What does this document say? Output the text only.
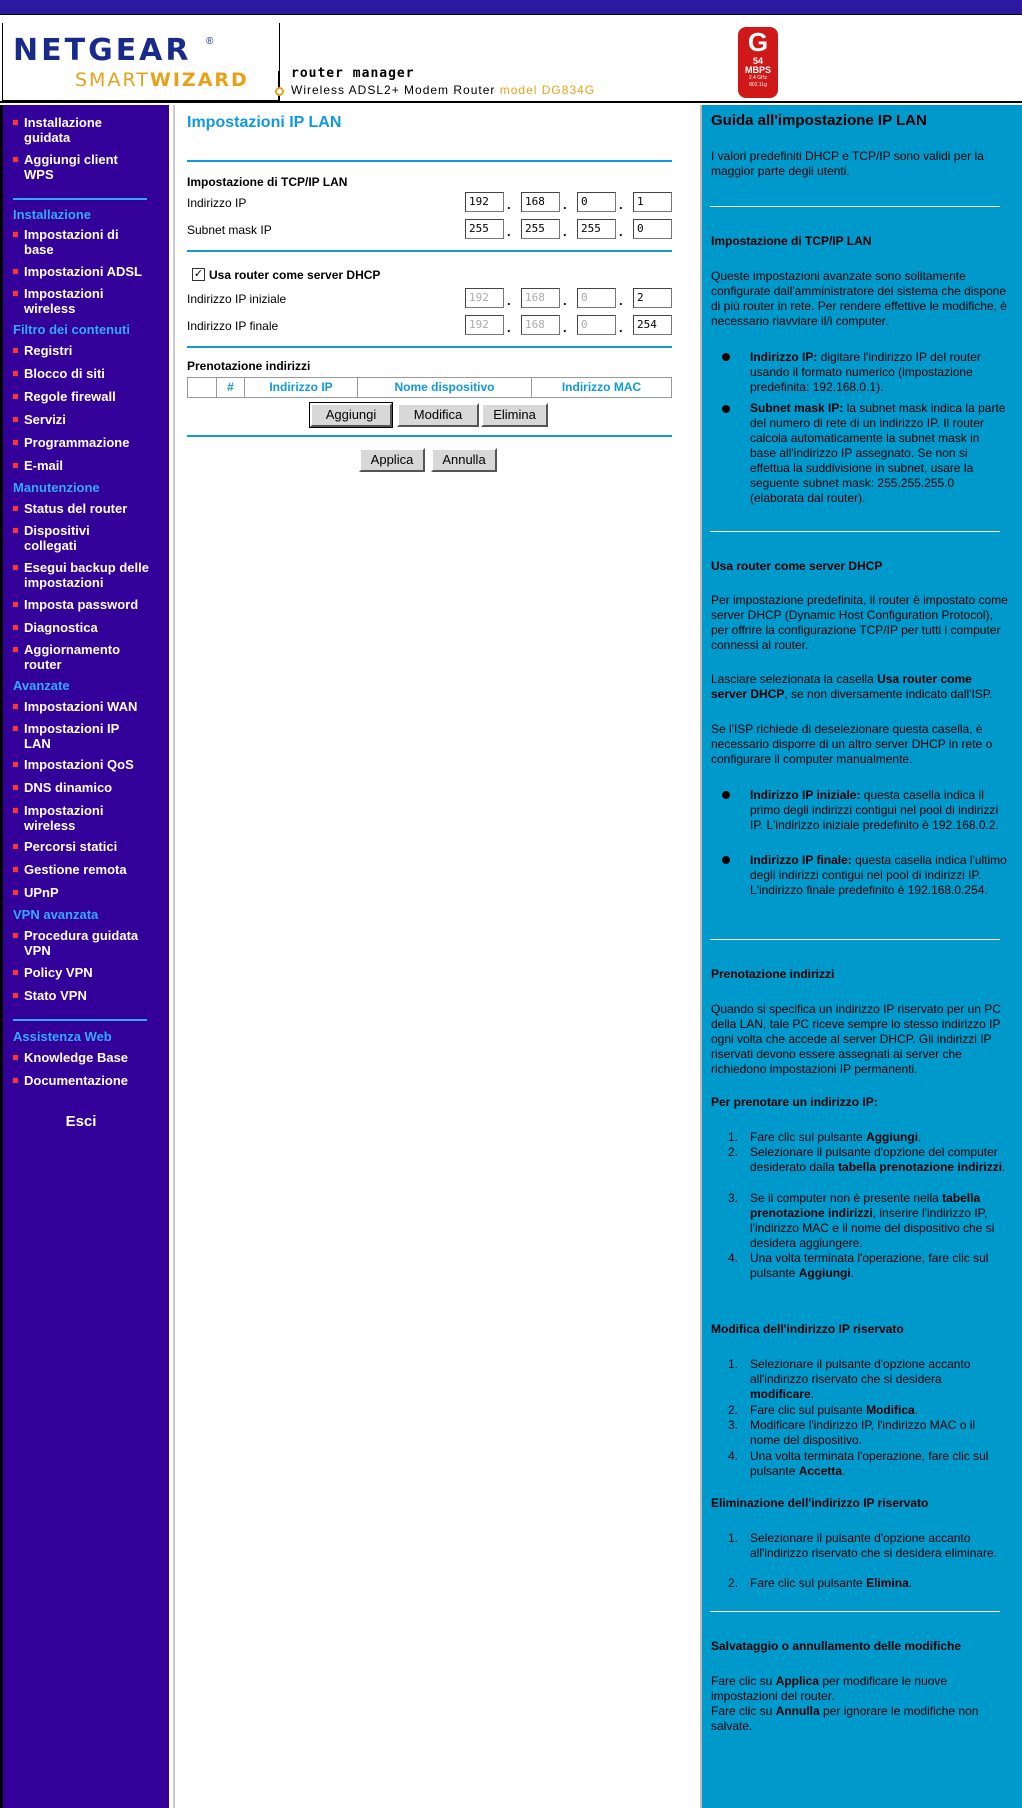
NETGEAR ®
SMARTWIZARD	router manager
Wireless ADSL2+ Modem Router model DG834G
G
54
MBPS
2.4 GHz
802.11g
Installazione guidata
Aggiungi client WPS
Installazione
Impostazioni di base
Impostazioni ADSL
Impostazioni wireless
Filtro dei contenuti
Registri
Blocco di siti
Regole firewall
Servizi
Programmazione
E-mail
Manutenzione
Status del router
Dispositivi collegati
Esegui backup delle impostazioni
Imposta password
Diagnostica
Aggiornamento router
Avanzate
Impostazioni WAN
Impostazioni IP LAN
Impostazioni QoS
DNS dinamico
Impostazioni wireless
Percorsi statici
Gestione remota
UPnP
VPN avanzata
Procedura guidata VPN
Policy VPN
Stato VPN
Assistenza Web
Knowledge Base
Documentazione
Esci
Impostazioni IP LAN
Impostazione di TCP/IP LAN
Indirizzo IP	192	.	168	.	0	.	1
Subnet mask IP	255	.	255	.	255	.	0
✓ Usa router come server DHCP
Indirizzo IP iniziale	192	.	168	.	0	.	2
Indirizzo IP finale	192	.	168	.	0	.	254
Prenotazione indirizzi
#	Indirizzo IP	Nome dispositivo	Indirizzo MAC
Aggiungi	Modifica	Elimina
Applica	Annulla
Guida all'impostazione IP LAN
I valori predefiniti DHCP e TCP/IP sono validi per la maggior parte degli utenti.
Impostazione di TCP/IP LAN
Queste impostazioni avanzate sono solitamente configurate dall'amministratore del sistema che dispone di più router in rete. Per rendere effettive le modifiche, è necessario riavviare il/i computer.
Indirizzo IP: digitare l'indirizzo IP del router usando il formato numerico (impostazione predefinita: 192.168.0.1).
Subnet mask IP: la subnet mask indica la parte del numero di rete di un indirizzo IP. Il router calcola automaticamente la subnet mask in base all'indirizzo IP assegnato. Se non si effettua la suddivisione in subnet, usare la seguente subnet mask: 255.255.255.0 (elaborata dal router).
Usa router come server DHCP
Per impostazione predefinita, il router è impostato come server DHCP (Dynamic Host Configuration Protocol), per offrire la configurazione TCP/IP per tutti i computer connessi al router.
Lasciare selezionata la casella Usa router come server DHCP, se non diversamente indicato dall'ISP.
Se l'ISP richiede di deselezionare questa casella, è necessario disporre di un altro server DHCP in rete o configurare il computer manualmente.
Indirizzo IP iniziale: questa casella indica il primo degli indirizzi contigui nel pool di indirizzi IP. L'indirizzo iniziale predefinito è 192.168.0.2.
Indirizzo IP finale: questa casella indica l'ultimo degli indirizzi contigui nel pool di indirizzi IP. L'indirizzo finale predefinito è 192.168.0.254.
Prenotazione indirizzi
Quando si specifica un indirizzo IP riservato per un PC della LAN, tale PC riceve sempre lo stesso indirizzo IP ogni volta che accede al server DHCP. Gli indirizzi IP riservati devono essere assegnati ai server che richiedono impostazioni IP permanenti.
Per prenotare un indirizzo IP:
1. Fare clic sul pulsante Aggiungi.
2. Selezionare il pulsante d'opzione del computer desiderato dalla tabella prenotazione indirizzi.
3. Se il computer non è presente nella tabella prenotazione indirizzi, inserire l'indirizzo IP, l'indirizzo MAC e il nome del dispositivo che si desidera aggiungere.
4. Una volta terminata l'operazione, fare clic sul pulsante Aggiungi.
Modifica dell'indirizzo IP riservato
1. Selezionare il pulsante d'opzione accanto all'indirizzo riservato che si desidera modificare.
2. Fare clic sul pulsante Modifica.
3. Modificare l'indirizzo IP, l'indirizzo MAC o il nome del dispositivo.
4. Una volta terminata l'operazione, fare clic sul pulsante Accetta.
Eliminazione dell'indirizzo IP riservato
1. Selezionare il pulsante d'opzione accanto all'indirizzo riservato che si desidera eliminare.
2. Fare clic sul pulsante Elimina.
Salvataggio o annullamento delle modifiche
Fare clic su Applica per modificare le nuove impostazioni del router.
Fare clic su Annulla per ignorare le modifiche non salvate.
